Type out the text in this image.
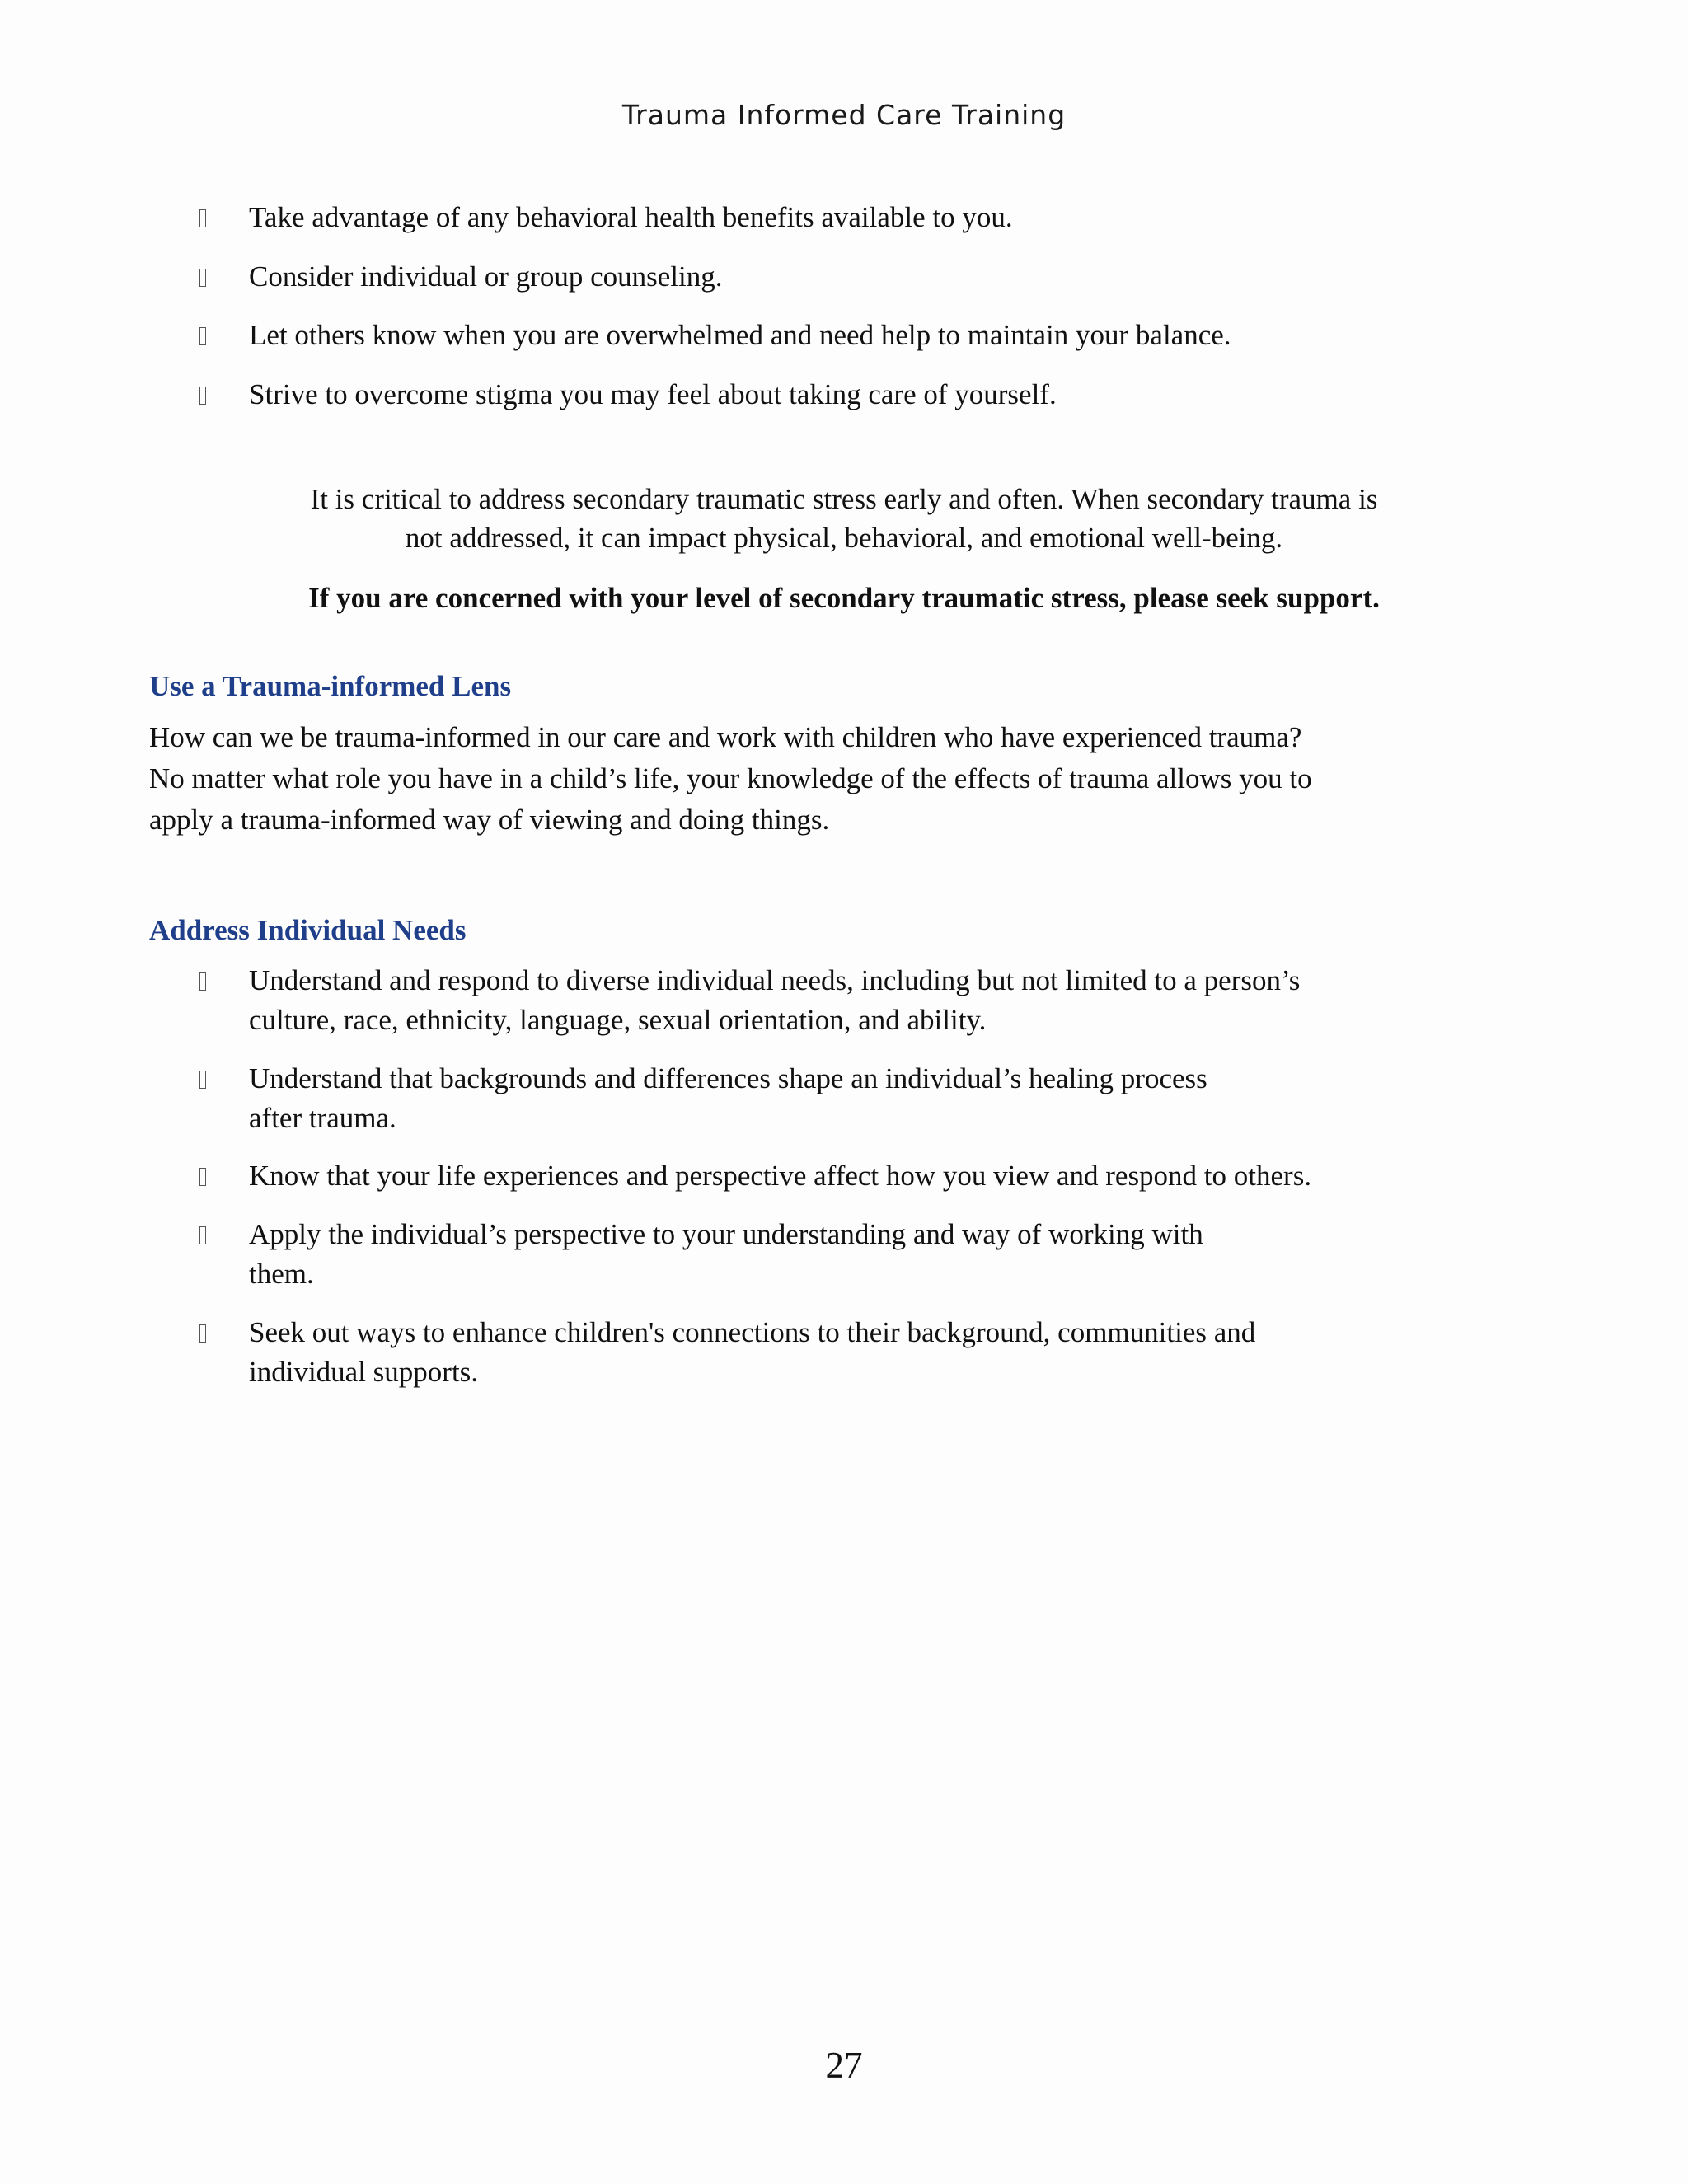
Trauma Informed Care Training
Take advantage of any behavioral health benefits available to you.
Consider individual or group counseling.
Let others know when you are overwhelmed and need help to maintain your balance.
Strive to overcome stigma you may feel about taking care of yourself.
It is critical to address secondary traumatic stress early and often. When secondary trauma is
not addressed, it can impact physical, behavioral, and emotional well-being.
If you are concerned with your level of secondary traumatic stress, please seek support.
Use a Trauma-informed Lens
How can we be trauma-informed in our care and work with children who have experienced trauma?
No matter what role you have in a child’s life, your knowledge of the effects of trauma allows you to
apply a trauma-informed way of viewing and doing things.
Address Individual Needs
Understand and respond to diverse individual needs, including but not limited to a person’s
culture, race, ethnicity, language, sexual orientation, and ability.
Understand that backgrounds and differences shape an individual’s healing process
after trauma.
Know that your life experiences and perspective affect how you view and respond to others.
Apply the individual’s perspective to your understanding and way of working with
them.
Seek out ways to enhance children's connections to their background, communities and
individual supports.
27
